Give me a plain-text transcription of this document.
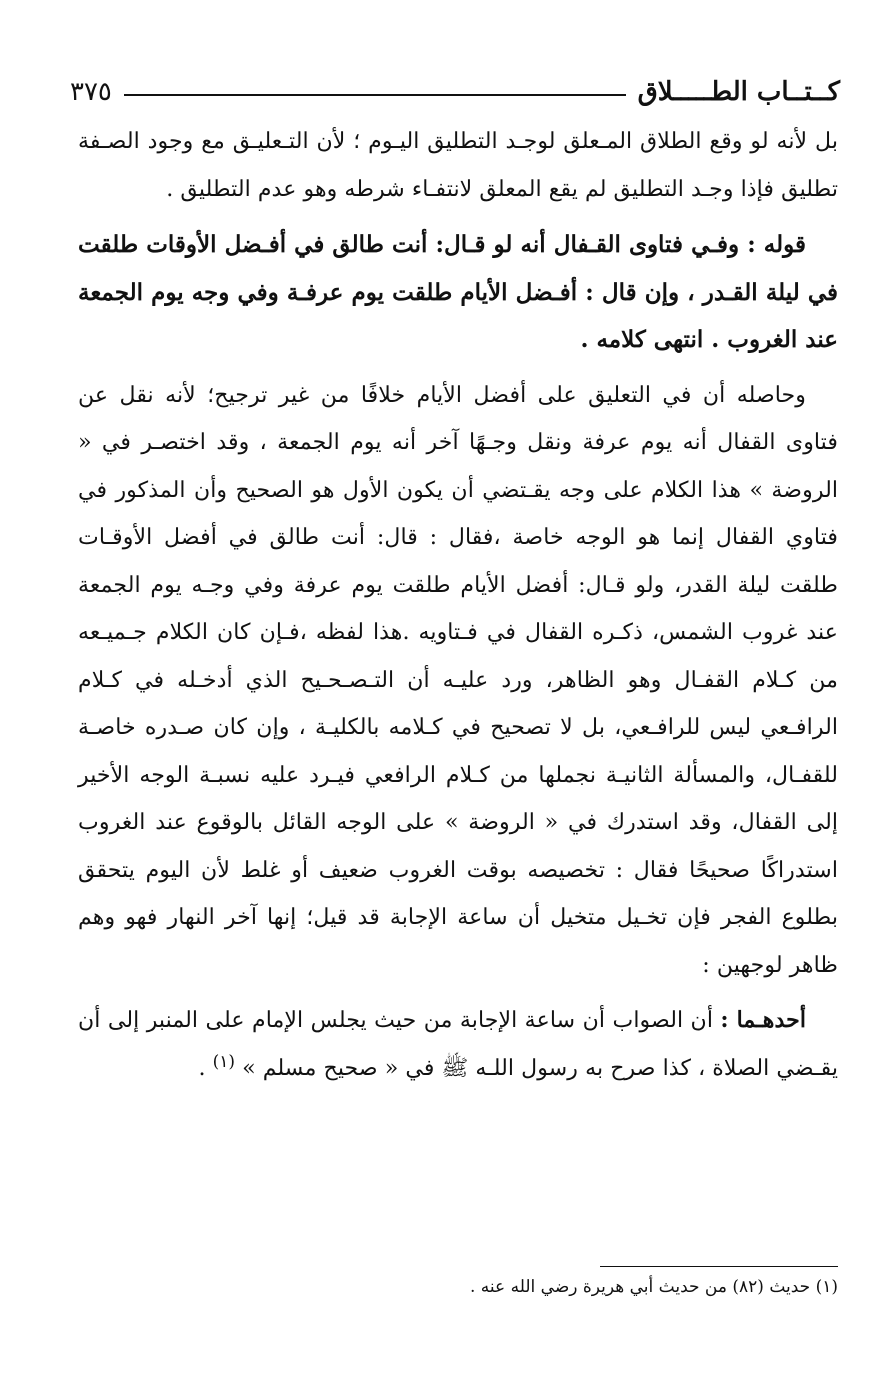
كــتــاب الطـــــلاق
٣٧٥

بل لأنه لو وقع الطلاق المـعلق لوجـد التطليق اليـوم ؛ لأن التـعليـق مع وجود الصـفة تطليق فإذا وجـد التطليق لم يقع المعلق لانتفـاء شرطه وهو عدم التطليق .

قوله : وفـي فتاوى القـفال أنه لو قـال: أنت طالق في أفـضل الأوقات طلقت في ليلة القـدر ، وإن قال : أفـضل الأيام طلقت يوم عرفـة وفي وجه يوم الجمعة عند الغروب . انتهى كلامه .

وحاصله أن في التعليق على أفضل الأيام خلافًا من غير ترجيح؛ لأنه نقل عن فتاوى القفال أنه يوم عرفة ونقل وجـهًا آخر أنه يوم الجمعة ، وقد اختصـر في « الروضة » هذا الكلام على وجه يقـتضي أن يكون الأول هو الصحيح وأن المذكور في فتاوي القفال إنما هو الوجه خاصة ،فقال : قال: أنت طالق في أفضل الأوقـات طلقت ليلة القدر، ولو قـال: أفضل الأيام طلقت يوم عرفة وفي وجـه يوم الجمعة عند غروب الشمس، ذكـره القفال في فـتاويه .هذا لفظه ،فـإن كان الكلام جـميـعه من كـلام القفـال وهو الظاهر، ورد عليـه أن التـصـحـيح الذي أدخـله في كـلام الرافـعي ليس للرافـعي، بل لا تصحيح في كـلامه بالكليـة ، وإن كان صـدره خاصـة للقفـال، والمسألة الثانيـة نجملها من كـلام الرافعي فيـرد عليه نسبـة الوجه الأخير إلى القفال، وقد استدرك في « الروضة » على الوجه القائل بالوقوع عند الغروب استدراكًا صحيحًا فقال : تخصيصه بوقت الغروب ضعيف أو غلط لأن اليوم يتحقق بطلوع الفجر فإن تخـيل متخيل أن ساعة الإجابة قد قيل؛ إنها آخر النهار فهو وهم ظاهر لوجهين :

أحدهـما : أن الصواب أن ساعة الإجابة من حيث يجلس الإمام على المنبر إلى أن يقـضي الصلاة ، كذا صرح به رسول اللـه ﷺ في « صحيح مسلم » $^{(١)}$ .

(١) حديث (٨٢) من حديث أبي هريرة رضي الله عنه .
